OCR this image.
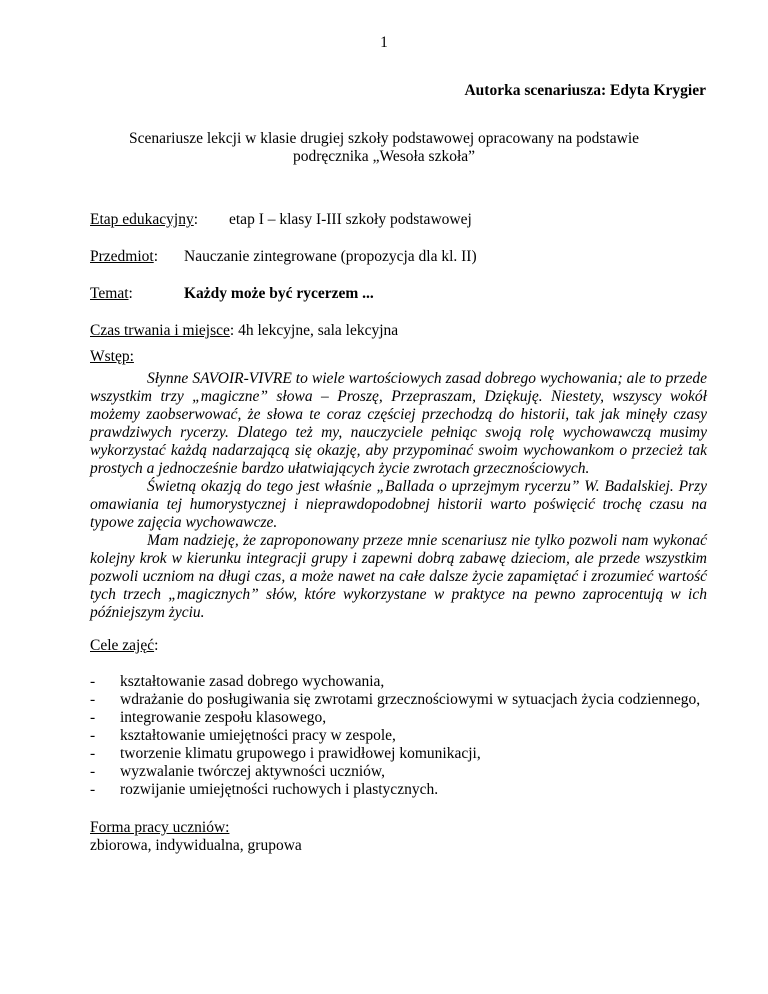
1
Autorka scenariusza: Edyta Krygier
Scenariusze lekcji w klasie drugiej szkoły podstawowej opracowany na podstawie
podręcznika „Wesoła szkoła”
Etap edukacyjny: etap I – klasy I-III szkoły podstawowej
Przedmiot: Nauczanie zintegrowane (propozycja dla kl. II)
Temat:	Każdy może być rycerzem ...
Czas trwania i miejsce: 4h lekcyjne, sala lekcyjna
Wstęp:

Słynne SAVOIR-VIVRE to wiele wartościowych zasad dobrego wychowania; ale to przede wszystkim trzy „magiczne” słowa – Proszę, Przepraszam, Dziękuję. Niestety, wszyscy wokół możemy zaobserwować, że słowa te coraz częściej przechodzą do historii, tak jak minęły czasy prawdziwych rycerzy. Dlatego też my, nauczyciele pełniąc swoją rolę wychowawczą musimy wykorzystać każdą nadarzającą się okazję, aby przypominać swoim wychowankom o przecież tak prostych a jednocześnie bardzo ułatwiających życie zwrotach grzecznościowych.

Świetną okazją do tego jest właśnie „Ballada o uprzejmym rycerzu” W. Badalskiej. Przy omawiania tej humorystycznej i nieprawdopodobnej historii warto poświęcić trochę czasu na typowe zajęcia wychowawcze.

Mam nadzieję, że zaproponowany przeze mnie scenariusz nie tylko pozwoli nam wykonać kolejny krok w kierunku integracji grupy i zapewni dobrą zabawę dzieciom, ale przede wszystkim pozwoli uczniom na długi czas, a może nawet na całe dalsze życie zapamiętać i zrozumieć wartość tych trzech „magicznych” słów, które wykorzystane w praktyce na pewno zaprocentują w ich późniejszym życiu.

Cele zajęć:
- kształtowanie zasad dobrego wychowania,
- wdrażanie do posługiwania się zwrotami grzecznościowymi w sytuacjach życia codziennego,
- integrowanie zespołu klasowego,
- kształtowanie umiejętności pracy w zespole,
- tworzenie klimatu grupowego i prawidłowej komunikacji,
- wyzwalanie twórczej aktywności uczniów,
- rozwijanie umiejętności ruchowych i plastycznych.
Forma pracy uczniów:
zbiorowa, indywidualna, grupowa
